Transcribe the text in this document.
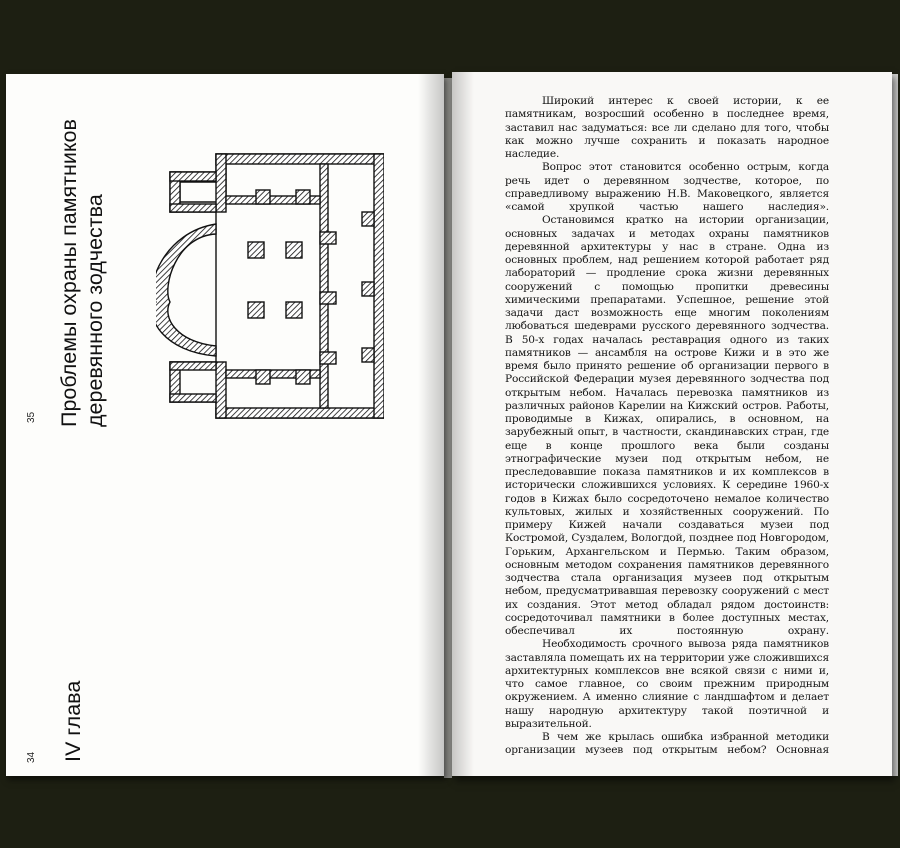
35
34
Проблемы охраны памятников деревянного зодчества
IV глава

Широкий интерес к своей истории, к ее памятникам, возросший особенно в последнее время, заставил нас задуматься: все ли сделано для того, чтобы как можно лучше сохранить и показать народное наследие.

Вопрос этот становится особенно острым, когда речь идет о деревянном зодчестве, которое, по справедливому выражению Н.В. Маковецкого, является «самой хрупкой частью нашего наследия».

Остановимся кратко на истории организации, основных задачах и методах охраны памятников деревянной архитектуры у нас в стране. Одна из основных проблем, над решением которой работает ряд лабораторий — продление срока жизни деревянных сооружений с помощью пропитки древесины химическими препаратами. Успешное, решение этой задачи даст возможность еще многим поколениям любоваться шедеврами русского деревянного зодчества. В 50-х годах началась реставрация одного из таких памятников — ансамбля на острове Кижи и в это же время было принято решение об организации первого в Российской Федерации музея деревянного зодчества под открытым небом. Началась перевозка памятников из различных районов Карелии на Кижский остров. Работы, проводимые в Кижах, опирались, в основном, на зарубежный опыт, в частности, скандинавских стран, где еще в конце прошлого века были созданы этнографические музеи под открытым небом, не преследовавшие показа памятников и их комплексов в исторически сложившихся условиях. К середине 1960-х годов в Кижах было сосредоточено немалое количество культовых, жилых и хозяйственных сооружений. По примеру Кижей начали создаваться музеи под Костромой, Суздалем, Вологдой, позднее под Новгородом, Горьким, Архангельском и Пермью. Таким образом, основным методом сохранения памятников деревянного зодчества стала организация музеев под открытым небом, предусматривавшая перевозку сооружений с мест их создания. Этот метод обладал рядом достоинств: сосредоточивал памятники в более доступных местах, обеспечивал их постоянную охрану.

Необходимость срочного вывоза ряда памятников заставляла помещать их на территории уже сложившихся архитектурных комплексов вне всякой связи с ними и, что самое главное, со своим прежним природным окружением. А именно слияние с ландшафтом и делает нашу народную архитектуру такой поэтичной и выразительной.

В чем же крылась ошибка избранной методики организации музеев под открытым небом? Основная
